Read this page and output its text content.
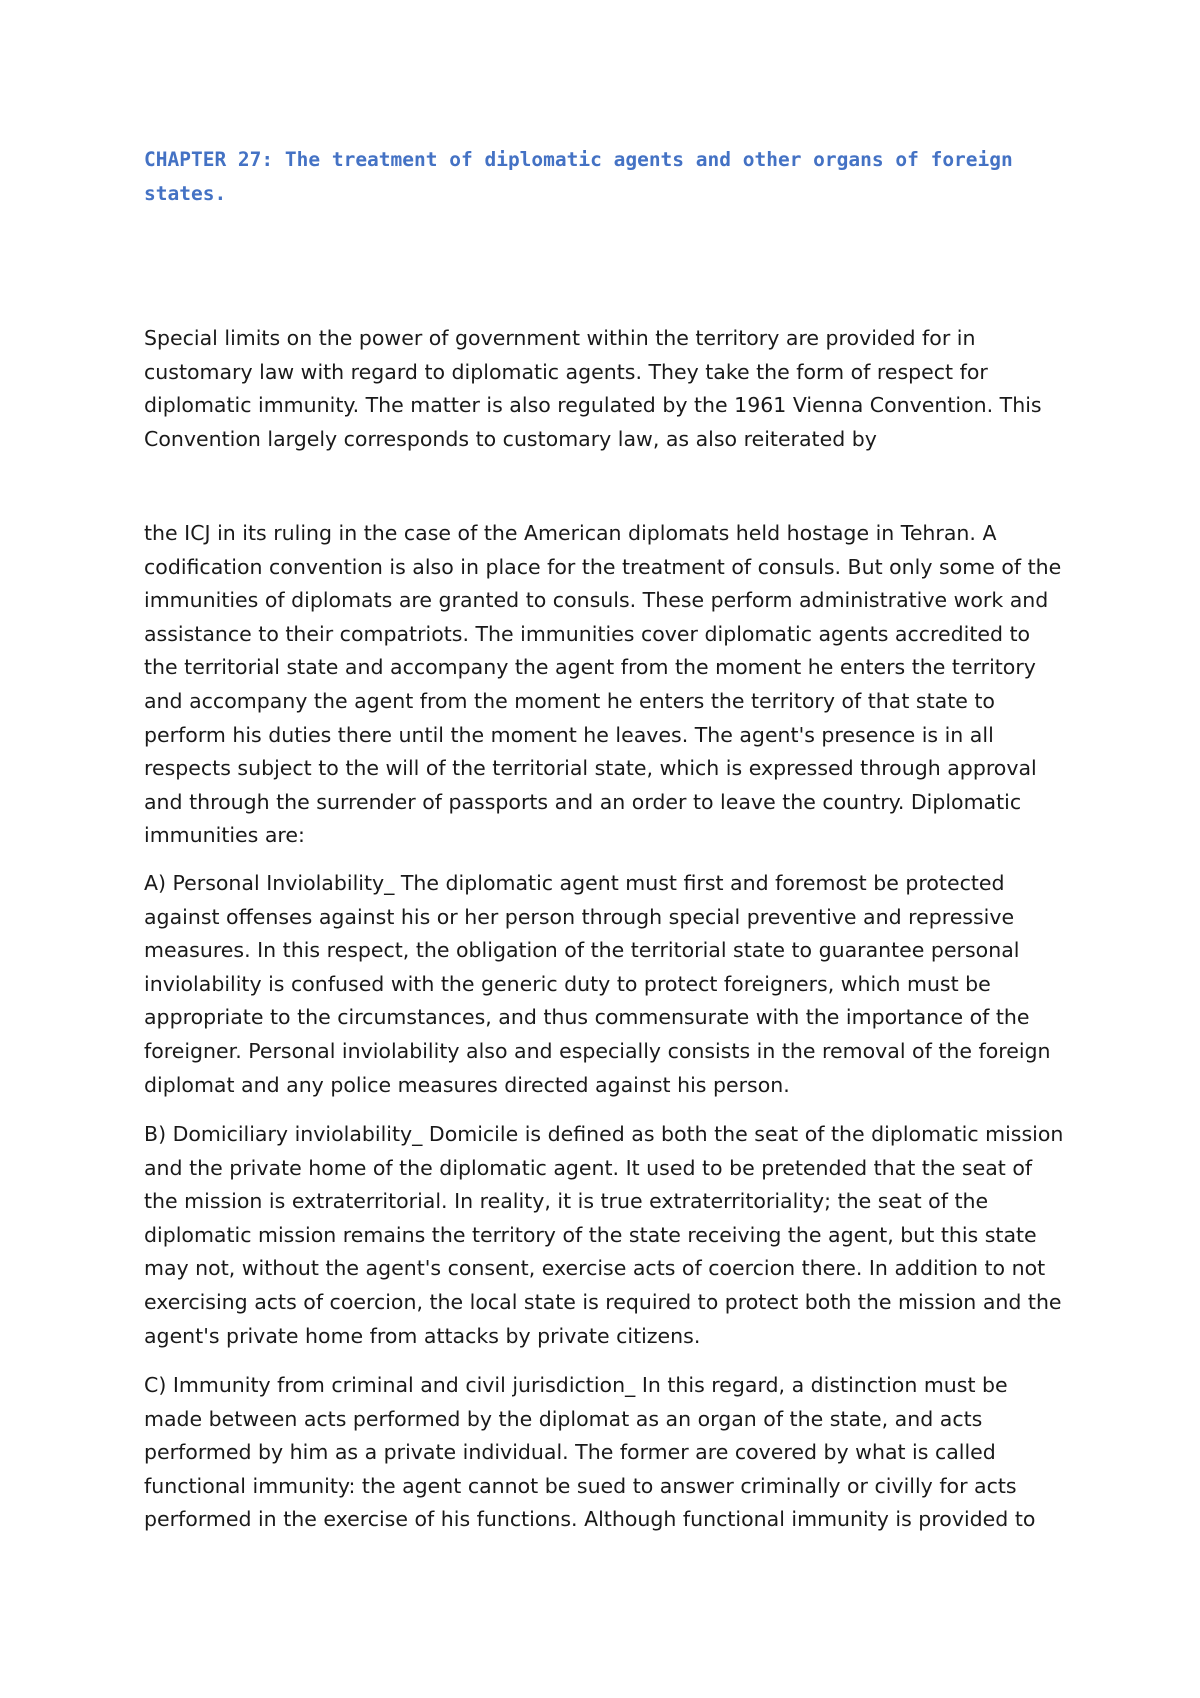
CHAPTER 27: The treatment of diplomatic agents and other organs of foreign states.

Special limits on the power of government within the territory are provided for in customary law with regard to diplomatic agents. They take the form of respect for diplomatic immunity. The matter is also regulated by the 1961 Vienna Convention. This Convention largely corresponds to customary law, as also reiterated by

the ICJ in its ruling in the case of the American diplomats held hostage in Tehran. A codification convention is also in place for the treatment of consuls. But only some of the immunities of diplomats are granted to consuls. These perform administrative work and assistance to their compatriots. The immunities cover diplomatic agents accredited to the territorial state and accompany the agent from the moment he enters the territory and accompany the agent from the moment he enters the territory of that state to perform his duties there until the moment he leaves. The agent's presence is in all respects subject to the will of the territorial state, which is expressed through approval and through the surrender of passports and an order to leave the country. Diplomatic immunities are:

A) Personal Inviolability_ The diplomatic agent must first and foremost be protected against offenses against his or her person through special preventive and repressive measures. In this respect, the obligation of the territorial state to guarantee personal inviolability is confused with the generic duty to protect foreigners, which must be appropriate to the circumstances, and thus commensurate with the importance of the foreigner. Personal inviolability also and especially consists in the removal of the foreign diplomat and any police measures directed against his person.

B) Domiciliary inviolability_ Domicile is defined as both the seat of the diplomatic mission and the private home of the diplomatic agent. It used to be pretended that the seat of the mission is extraterritorial. In reality, it is true extraterritoriality; the seat of the diplomatic mission remains the territory of the state receiving the agent, but this state may not, without the agent's consent, exercise acts of coercion there. In addition to not exercising acts of coercion, the local state is required to protect both the mission and the agent's private home from attacks by private citizens.

C) Immunity from criminal and civil jurisdiction_ In this regard, a distinction must be made between acts performed by the diplomat as an organ of the state, and acts performed by him as a private individual. The former are covered by what is called functional immunity: the agent cannot be sued to answer criminally or civilly for acts performed in the exercise of his functions. Although functional immunity is provided to
